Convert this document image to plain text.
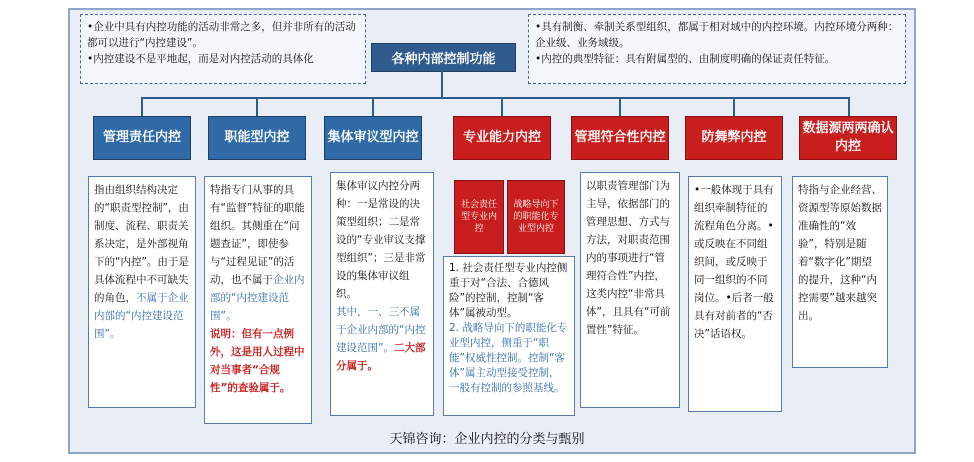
•企业中具有内控功能的活动非常之多，但并非所有的活动都可以进行“内控建设”。
•内控建设不是平地起，而是对内控活动的具体化
•具有制衡、牵制关系型组织，都属于相对域中的内控环境。内控环境分两种：企业级、业务域级。
•内控的典型特征：具有附属型的、由制度明确的保证责任特征。
各种内部控制功能
管理责任内控	职能型内控	集体审议型内控	专业能力内控	管理符合性内控	防舞弊内控
数据源两两确认内控
指由组织结构决定的“职责型控制”，由制度、流程、职责关系决定，是外部视角下的“内控”。由于是具体流程中不可缺失的角色，不属于企业内部的“内控建设范围”。
特指专门从事的具有“监督”特征的职能组织。其侧重在“问题查证”，即使参与“过程见证”的活动，也不属于企业内部的“内控建设范围”。
说明：但有一点例外，这是用人过程中对当事者“合规性”的查验属于。
集体审议内控分两种：一是常设的决策型组织；二是常设的“专业审议支撑型组织”；三是非常设的集体审议组织。
其中，一、三不属于企业内部的“内控建设范围”。二大部分属于。
社会责任型专业内控
战略导向下的职能化专业型内控
1. 社会责任型专业内控侧重于对“合法、合德风险”的控制，控制“客体”属被动型。
2. 战略导向下的职能化专业型内控，侧重于“职能”权威性控制。控制“客体”属主动型接受控制，一般有控制的参照基线。
以职责管理部门为主导，依据部门的管理思想、方式与方法，对职责范围内的事项进行“管理符合性”内控，这类内控“非常具体”，且具有“可前置性”特征。
•一般体现于具有组织牵制特征的流程角色分离。•或反映在不同组织间，或反映于同一组织的不同岗位。•后者一般具有对前者的“否决”话语权。
特指与企业经营、资源型等原始数据准确性的“效验”，特别是随着“数字化”期望的提升，这种“内控需要”越来越突出。
天锦咨询：企业内控的分类与甄别
